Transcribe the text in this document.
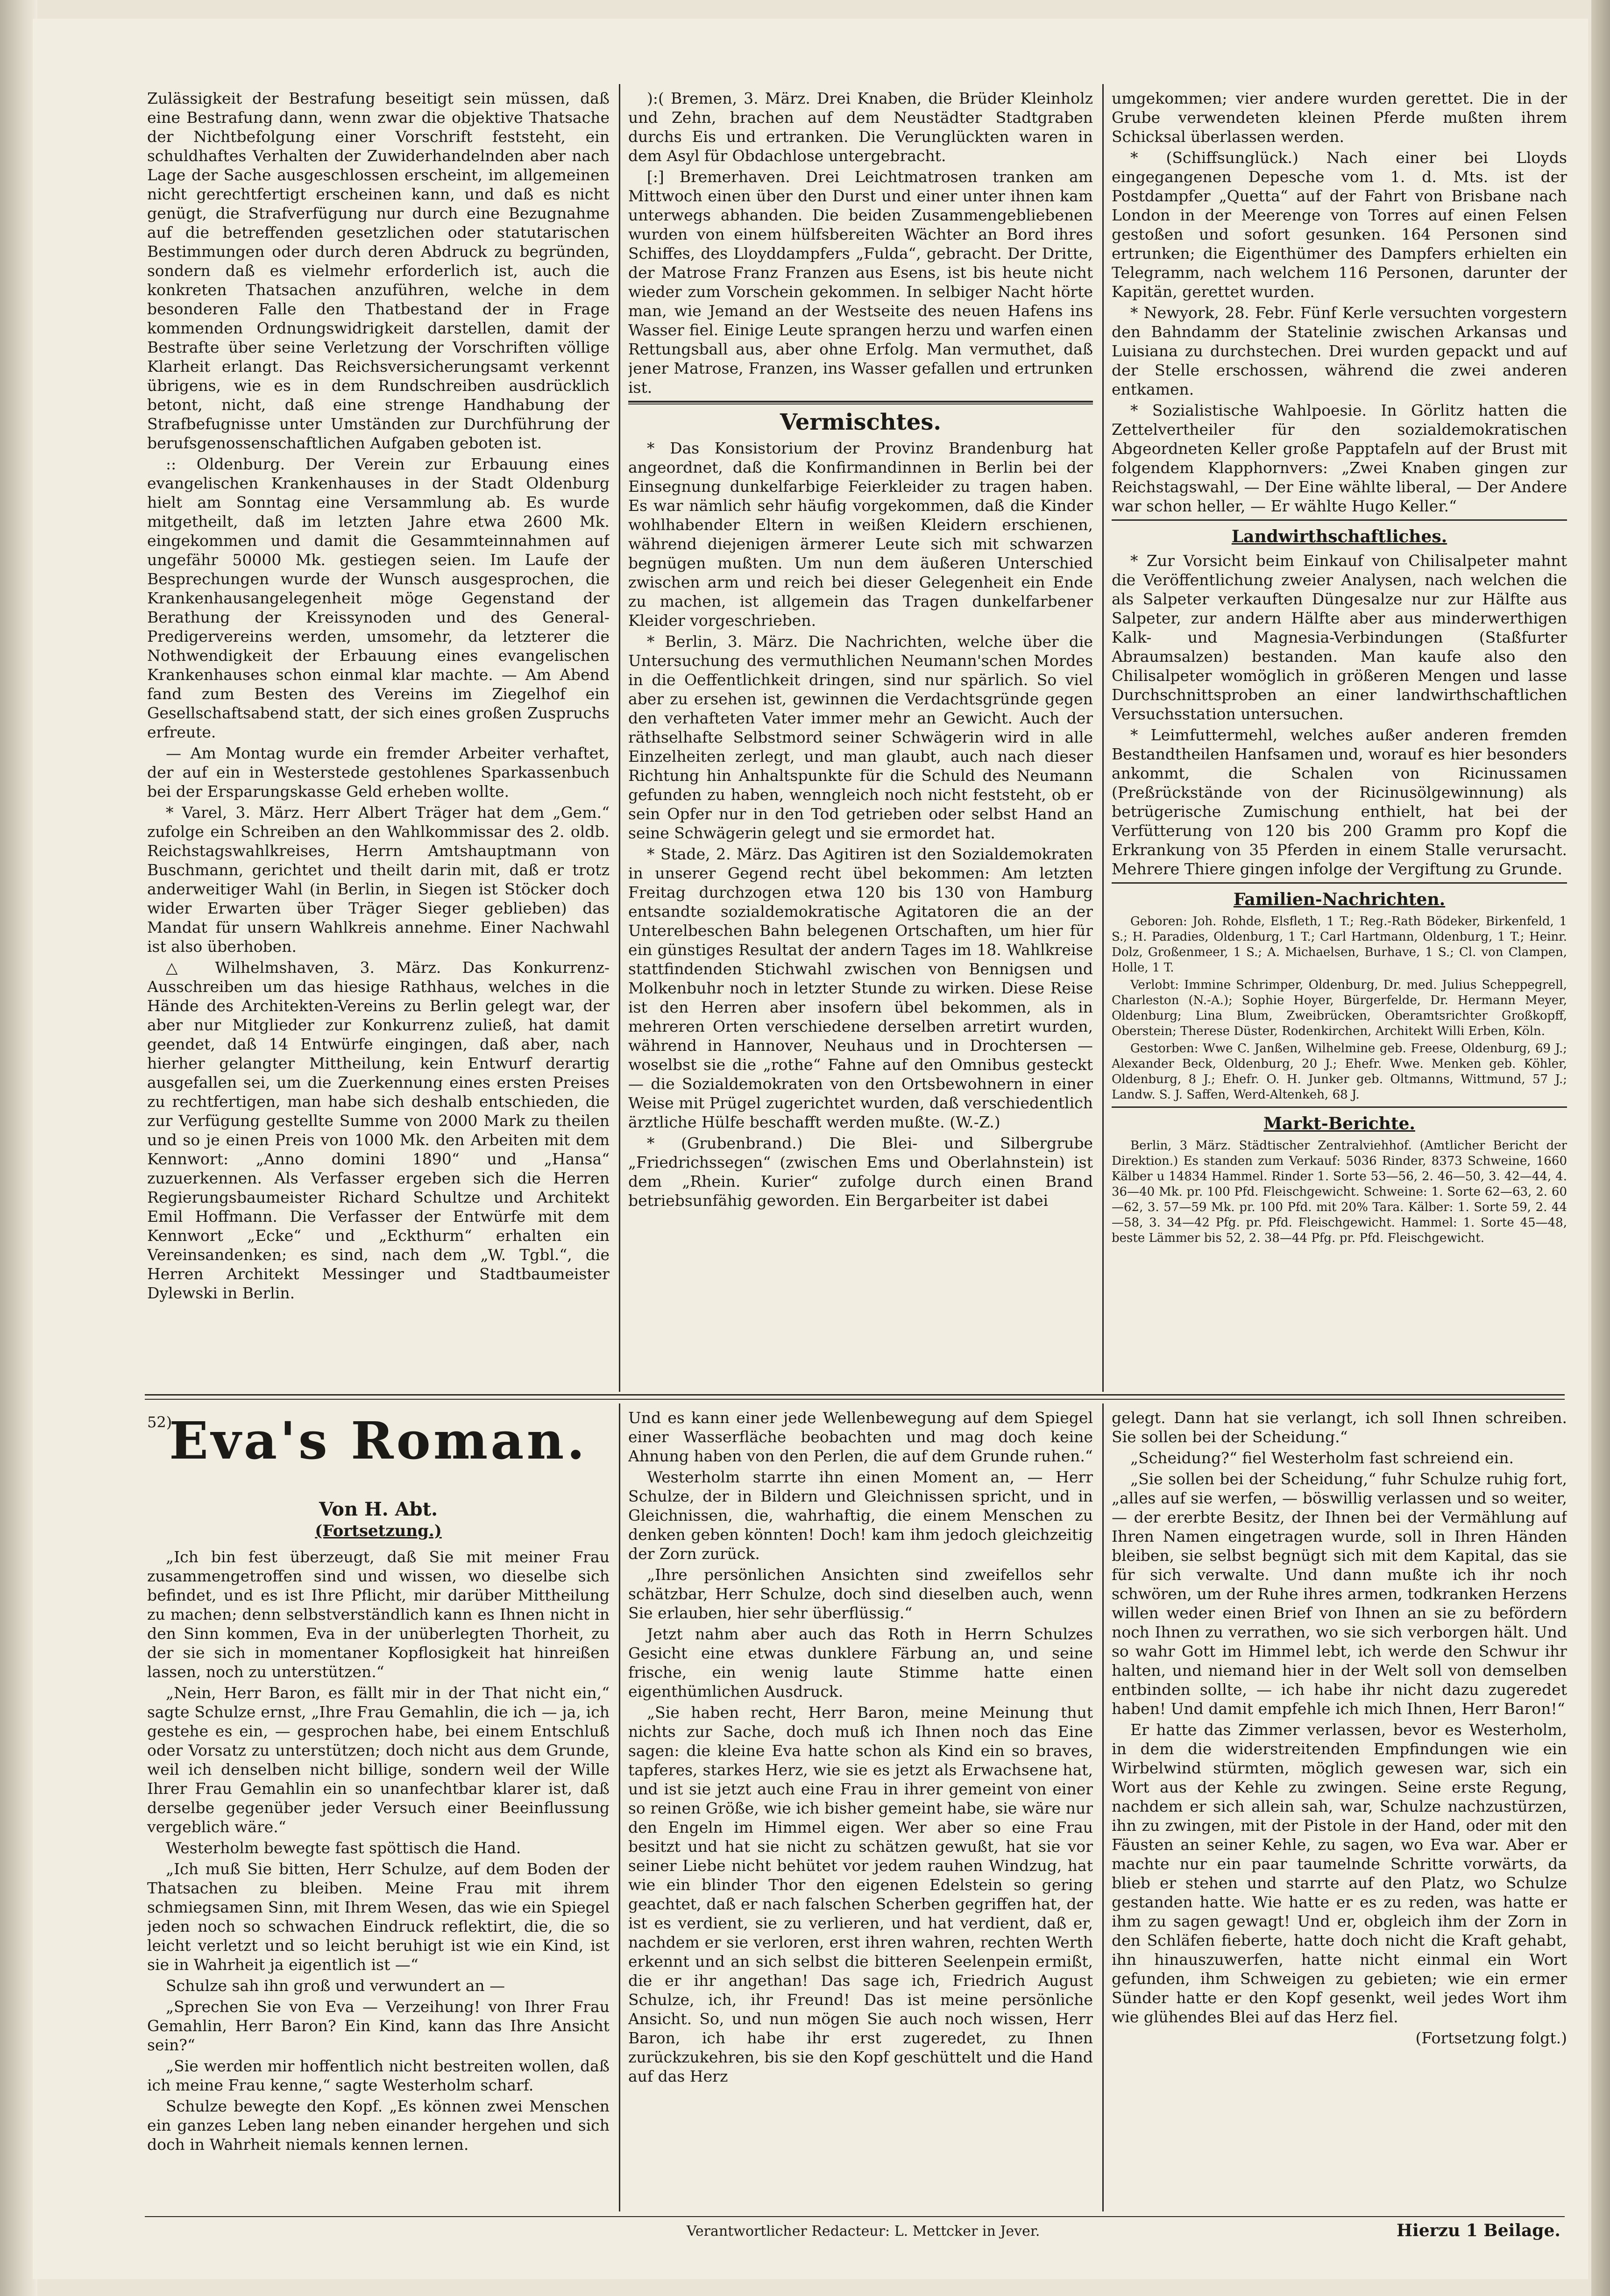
Zulässigkeit der Bestrafung beseitigt sein müssen, daß eine Bestrafung dann, wenn zwar die objektive Thatsache der Nichtbefolgung einer Vorschrift feststeht, ein schuldhaftes Verhalten der Zuwiderhandelnden aber nach Lage der Sache ausgeschlossen erscheint, im allgemeinen nicht gerechtfertigt erscheinen kann, und daß es nicht genügt, die Strafverfügung nur durch eine Bezugnahme auf die betreffenden gesetzlichen oder statutarischen Bestimmungen oder durch deren Abdruck zu begründen, sondern daß es vielmehr erforderlich ist, auch die konkreten Thatsachen anzuführen, welche in dem besonderen Falle den Thatbestand der in Frage kommenden Ordnungswidrigkeit darstellen, damit der Bestrafte über seine Verletzung der Vorschriften völlige Klarheit erlangt. Das Reichsversicherungsamt verkennt übrigens, wie es in dem Rundschreiben ausdrücklich betont, nicht, daß eine strenge Handhabung der Strafbefugnisse unter Umständen zur Durchführung der berufsgenossenschaftlichen Aufgaben geboten ist.

:: Oldenburg. Der Verein zur Erbauung eines evangelischen Krankenhauses in der Stadt Oldenburg hielt am Sonntag eine Versammlung ab. Es wurde mitgetheilt, daß im letzten Jahre etwa 2600 Mk. eingekommen und damit die Gesammteinnahmen auf ungefähr 50000 Mk. gestiegen seien. Im Laufe der Besprechungen wurde der Wunsch ausgesprochen, die Krankenhausangelegenheit möge Gegenstand der Berathung der Kreissynoden und des General-Predigervereins werden, umsomehr, da letzterer die Nothwendigkeit der Erbauung eines evangelischen Krankenhauses schon einmal klar machte. — Am Abend fand zum Besten des Vereins im Ziegelhof ein Gesellschaftsabend statt, der sich eines großen Zuspruchs erfreute.

— Am Montag wurde ein fremder Arbeiter verhaftet, der auf ein in Westerstede gestohlenes Sparkassenbuch bei der Ersparungskasse Geld erheben wollte.

* Varel, 3. März. Herr Albert Träger hat dem „Gem.“ zufolge ein Schreiben an den Wahlkommissar des 2. oldb. Reichstagswahlkreises, Herrn Amtshauptmann von Buschmann, gerichtet und theilt darin mit, daß er trotz anderweitiger Wahl (in Berlin, in Siegen ist Stöcker doch wider Erwarten über Träger Sieger geblieben) das Mandat für unsern Wahlkreis annehme. Einer Nachwahl ist also überhoben.

△ Wilhelmshaven, 3. März. Das Konkurrenz-Ausschreiben um das hiesige Rathhaus, welches in die Hände des Architekten-Vereins zu Berlin gelegt war, der aber nur Mitglieder zur Konkurrenz zuließ, hat damit geendet, daß 14 Entwürfe eingingen, daß aber, nach hierher gelangter Mittheilung, kein Entwurf derartig ausgefallen sei, um die Zuerkennung eines ersten Preises zu rechtfertigen, man habe sich deshalb entschieden, die zur Verfügung gestellte Summe von 2000 Mark zu theilen und so je einen Preis von 1000 Mk. den Arbeiten mit dem Kennwort: „Anno domini 1890“ und „Hansa“ zuzuerkennen. Als Verfasser ergeben sich die Herren Regierungsbaumeister Richard Schultze und Architekt Emil Hoffmann. Die Verfasser der Entwürfe mit dem Kennwort „Ecke“ und „Eckthurm“ erhalten ein Vereinsandenken; es sind, nach dem „W. Tgbl.“, die Herren Architekt Messinger und Stadtbaumeister Dylewski in Berlin.

):( Bremen, 3. März. Drei Knaben, die Brüder Kleinholz und Zehn, brachen auf dem Neustädter Stadtgraben durchs Eis und ertranken. Die Verunglückten waren in dem Asyl für Obdachlose untergebracht.

[:] Bremerhaven. Drei Leichtmatrosen tranken am Mittwoch einen über den Durst und einer unter ihnen kam unterwegs abhanden. Die beiden Zusammengebliebenen wurden von einem hülfsbereiten Wächter an Bord ihres Schiffes, des Lloyddampfers „Fulda“, gebracht. Der Dritte, der Matrose Franz Franzen aus Esens, ist bis heute nicht wieder zum Vorschein gekommen. In selbiger Nacht hörte man, wie Jemand an der Westseite des neuen Hafens ins Wasser fiel. Einige Leute sprangen herzu und warfen einen Rettungsball aus, aber ohne Erfolg. Man vermuthet, daß jener Matrose, Franzen, ins Wasser gefallen und ertrunken ist.

Vermischtes.

* Das Konsistorium der Provinz Brandenburg hat angeordnet, daß die Konfirmandinnen in Berlin bei der Einsegnung dunkelfarbige Feierkleider zu tragen haben. Es war nämlich sehr häufig vorgekommen, daß die Kinder wohlhabender Eltern in weißen Kleidern erschienen, während diejenigen ärmerer Leute sich mit schwarzen begnügen mußten. Um nun dem äußeren Unterschied zwischen arm und reich bei dieser Gelegenheit ein Ende zu machen, ist allgemein das Tragen dunkelfarbener Kleider vorgeschrieben.

* Berlin, 3. März. Die Nachrichten, welche über die Untersuchung des vermuthlichen Neumann'schen Mordes in die Oeffentlichkeit dringen, sind nur spärlich. So viel aber zu ersehen ist, gewinnen die Verdachtsgründe gegen den verhafteten Vater immer mehr an Gewicht. Auch der räthselhafte Selbstmord seiner Schwägerin wird in alle Einzelheiten zerlegt, und man glaubt, auch nach dieser Richtung hin Anhaltspunkte für die Schuld des Neumann gefunden zu haben, wenngleich noch nicht feststeht, ob er sein Opfer nur in den Tod getrieben oder selbst Hand an seine Schwägerin gelegt und sie ermordet hat.

* Stade, 2. März. Das Agitiren ist den Sozialdemokraten in unserer Gegend recht übel bekommen: Am letzten Freitag durchzogen etwa 120 bis 130 von Hamburg entsandte sozialdemokratische Agitatoren die an der Unterelbeschen Bahn belegenen Ortschaften, um hier für ein günstiges Resultat der andern Tages im 18. Wahlkreise stattfindenden Stichwahl zwischen von Bennigsen und Molkenbuhr noch in letzter Stunde zu wirken. Diese Reise ist den Herren aber insofern übel bekommen, als in mehreren Orten verschiedene derselben arretirt wurden, während in Hannover, Neuhaus und in Drochtersen — woselbst sie die „rothe“ Fahne auf den Omnibus gesteckt — die Sozialdemokraten von den Ortsbewohnern in einer Weise mit Prügel zugerichtet wurden, daß verschiedentlich ärztliche Hülfe beschafft werden mußte. (W.-Z.)

* (Grubenbrand.) Die Blei- und Silbergrube „Friedrichssegen“ (zwischen Ems und Oberlahnstein) ist dem „Rhein. Kurier“ zufolge durch einen Brand betriebsunfähig geworden. Ein Bergarbeiter ist dabei

umgekommen; vier andere wurden gerettet. Die in der Grube verwendeten kleinen Pferde mußten ihrem Schicksal überlassen werden.

* (Schiffsunglück.) Nach einer bei Lloyds eingegangenen Depesche vom 1. d. Mts. ist der Postdampfer „Quetta“ auf der Fahrt von Brisbane nach London in der Meerenge von Torres auf einen Felsen gestoßen und sofort gesunken. 164 Personen sind ertrunken; die Eigenthümer des Dampfers erhielten ein Telegramm, nach welchem 116 Personen, darunter der Kapitän, gerettet wurden.

* Newyork, 28. Febr. Fünf Kerle versuchten vorgestern den Bahndamm der Statelinie zwischen Arkansas und Luisiana zu durchstechen. Drei wurden gepackt und auf der Stelle erschossen, während die zwei anderen entkamen.

* Sozialistische Wahlpoesie. In Görlitz hatten die Zettelvertheiler für den sozialdemokratischen Abgeordneten Keller große Papptafeln auf der Brust mit folgendem Klapphornvers: „Zwei Knaben gingen zur Reichstagswahl, — Der Eine wählte liberal, — Der Andere war schon heller, — Er wählte Hugo Keller.“

Landwirthschaftliches.

* Zur Vorsicht beim Einkauf von Chilisalpeter mahnt die Veröffentlichung zweier Analysen, nach welchen die als Salpeter verkauften Düngesalze nur zur Hälfte aus Salpeter, zur andern Hälfte aber aus minderwerthigen Kalk- und Magnesia-Verbindungen (Staßfurter Abraumsalzen) bestanden. Man kaufe also den Chilisalpeter womöglich in größeren Mengen und lasse Durchschnittsproben an einer landwirthschaftlichen Versuchsstation untersuchen.

* Leimfuttermehl, welches außer anderen fremden Bestandtheilen Hanfsamen und, worauf es hier besonders ankommt, die Schalen von Ricinussamen (Preßrückstände von der Ricinusölgewinnung) als betrügerische Zumischung enthielt, hat bei der Verfütterung von 120 bis 200 Gramm pro Kopf die Erkrankung von 35 Pferden in einem Stalle verursacht. Mehrere Thiere gingen infolge der Vergiftung zu Grunde.

Familien-Nachrichten.

Geboren: Joh. Rohde, Elsfleth, 1 T.; Reg.-Rath Bödeker, Birkenfeld, 1 S.; H. Paradies, Oldenburg, 1 T.; Carl Hartmann, Oldenburg, 1 T.; Heinr. Dolz, Großenmeer, 1 S.; A. Michaelsen, Burhave, 1 S.; Cl. von Clampen, Holle, 1 T.

Verlobt: Immine Schrimper, Oldenburg, Dr. med. Julius Scheppegrell, Charleston (N.-A.); Sophie Hoyer, Bürgerfelde, Dr. Hermann Meyer, Oldenburg; Lina Blum, Zweibrücken, Oberamtsrichter Großkopff, Oberstein; Therese Düster, Rodenkirchen, Architekt Willi Erben, Köln.

Gestorben: Wwe C. Janßen, Wilhelmine geb. Freese, Oldenburg, 69 J.; Alexander Beck, Oldenburg, 20 J.; Ehefr. Wwe. Menken geb. Köhler, Oldenburg, 8 J.; Ehefr. O. H. Junker geb. Oltmanns, Wittmund, 57 J.; Landw. S. J. Saffen, Werd-Altenkeh, 68 J.

Markt-Berichte.

Berlin, 3 März. Städtischer Zentralviehhof. (Amtlicher Bericht der Direktion.) Es standen zum Verkauf: 5036 Rinder, 8373 Schweine, 1660 Kälber u 14834 Hammel. Rinder 1. Sorte 53—56, 2. 46—50, 3. 42—44, 4. 36—40 Mk. pr. 100 Pfd. Fleischgewicht. Schweine: 1. Sorte 62—63, 2. 60—62, 3. 57—59 Mk. pr. 100 Pfd. mit 20% Tara. Kälber: 1. Sorte 59, 2. 44—58, 3. 34—42 Pfg. pr. Pfd. Fleischgewicht. Hammel: 1. Sorte 45—48, beste Lämmer bis 52, 2. 38—44 Pfg. pr. Pfd. Fleischgewicht.

52)
Eva's Roman.
Von H. Abt.
(Fortsetzung.)

„Ich bin fest überzeugt, daß Sie mit meiner Frau zusammengetroffen sind und wissen, wo dieselbe sich befindet, und es ist Ihre Pflicht, mir darüber Mittheilung zu machen; denn selbstverständlich kann es Ihnen nicht in den Sinn kommen, Eva in der unüberlegten Thorheit, zu der sie sich in momentaner Kopflosigkeit hat hinreißen lassen, noch zu unterstützen.“

„Nein, Herr Baron, es fällt mir in der That nicht ein,“ sagte Schulze ernst, „Ihre Frau Gemahlin, die ich — ja, ich gestehe es ein, — gesprochen habe, bei einem Entschluß oder Vorsatz zu unterstützen; doch nicht aus dem Grunde, weil ich denselben nicht billige, sondern weil der Wille Ihrer Frau Gemahlin ein so unanfechtbar klarer ist, daß derselbe gegenüber jeder Versuch einer Beeinflussung vergeblich wäre.“

Westerholm bewegte fast spöttisch die Hand.

„Ich muß Sie bitten, Herr Schulze, auf dem Boden der Thatsachen zu bleiben. Meine Frau mit ihrem schmiegsamen Sinn, mit Ihrem Wesen, das wie ein Spiegel jeden noch so schwachen Eindruck reflektirt, die, die so leicht verletzt und so leicht beruhigt ist wie ein Kind, ist sie in Wahrheit ja eigentlich ist —“

Schulze sah ihn groß und verwundert an —

„Sprechen Sie von Eva — Verzeihung! von Ihrer Frau Gemahlin, Herr Baron? Ein Kind, kann das Ihre Ansicht sein?“

„Sie werden mir hoffentlich nicht bestreiten wollen, daß ich meine Frau kenne,“ sagte Westerholm scharf.

Schulze bewegte den Kopf. „Es können zwei Menschen ein ganzes Leben lang neben einander hergehen und sich doch in Wahrheit niemals kennen lernen.

Und es kann einer jede Wellenbewegung auf dem Spiegel einer Wasserfläche beobachten und mag doch keine Ahnung haben von den Perlen, die auf dem Grunde ruhen.“

Westerholm starrte ihn einen Moment an, — Herr Schulze, der in Bildern und Gleichnissen spricht, und in Gleichnissen, die, wahrhaftig, die einem Menschen zu denken geben könnten! Doch! kam ihm jedoch gleichzeitig der Zorn zurück.

„Ihre persönlichen Ansichten sind zweifellos sehr schätzbar, Herr Schulze, doch sind dieselben auch, wenn Sie erlauben, hier sehr überflüssig.“

Jetzt nahm aber auch das Roth in Herrn Schulzes Gesicht eine etwas dunklere Färbung an, und seine frische, ein wenig laute Stimme hatte einen eigenthümlichen Ausdruck.

„Sie haben recht, Herr Baron, meine Meinung thut nichts zur Sache, doch muß ich Ihnen noch das Eine sagen: die kleine Eva hatte schon als Kind ein so braves, tapferes, starkes Herz, wie sie es jetzt als Erwachsene hat, und ist sie jetzt auch eine Frau in ihrer gemeint von einer so reinen Größe, wie ich bisher gemeint habe, sie wäre nur den Engeln im Himmel eigen. Wer aber so eine Frau besitzt und hat sie nicht zu schätzen gewußt, hat sie vor seiner Liebe nicht behütet vor jedem rauhen Windzug, hat wie ein blinder Thor den eigenen Edelstein so gering geachtet, daß er nach falschen Scherben gegriffen hat, der ist es verdient, sie zu verlieren, und hat verdient, daß er, nachdem er sie verloren, erst ihren wahren, rechten Werth erkennt und an sich selbst die bitteren Seelenpein ermißt, die er ihr angethan! Das sage ich, Friedrich August Schulze, ich, ihr Freund! Das ist meine persönliche Ansicht. So, und nun mögen Sie auch noch wissen, Herr Baron, ich habe ihr erst zugeredet, zu Ihnen zurückzukehren, bis sie den Kopf geschüttelt und die Hand auf das Herz

gelegt. Dann hat sie verlangt, ich soll Ihnen schreiben. Sie sollen bei der Scheidung.“

„Scheidung?“ fiel Westerholm fast schreiend ein.

„Sie sollen bei der Scheidung,“ fuhr Schulze ruhig fort, „alles auf sie werfen, — böswillig verlassen und so weiter, — der ererbte Besitz, der Ihnen bei der Vermählung auf Ihren Namen eingetragen wurde, soll in Ihren Händen bleiben, sie selbst begnügt sich mit dem Kapital, das sie für sich verwalte. Und dann mußte ich ihr noch schwören, um der Ruhe ihres armen, todkranken Herzens willen weder einen Brief von Ihnen an sie zu befördern noch Ihnen zu verrathen, wo sie sich verborgen hält. Und so wahr Gott im Himmel lebt, ich werde den Schwur ihr halten, und niemand hier in der Welt soll von demselben entbinden sollte, — ich habe ihr nicht dazu zugeredet haben! Und damit empfehle ich mich Ihnen, Herr Baron!“

Er hatte das Zimmer verlassen, bevor es Westerholm, in dem die widerstreitenden Empfindungen wie ein Wirbelwind stürmten, möglich gewesen war, sich ein Wort aus der Kehle zu zwingen. Seine erste Regung, nachdem er sich allein sah, war, Schulze nachzustürzen, ihn zu zwingen, mit der Pistole in der Hand, oder mit den Fäusten an seiner Kehle, zu sagen, wo Eva war. Aber er machte nur ein paar taumelnde Schritte vorwärts, da blieb er stehen und starrte auf den Platz, wo Schulze gestanden hatte. Wie hatte er es zu reden, was hatte er ihm zu sagen gewagt! Und er, obgleich ihm der Zorn in den Schläfen fieberte, hatte doch nicht die Kraft gehabt, ihn hinauszuwerfen, hatte nicht einmal ein Wort gefunden, ihm Schweigen zu gebieten; wie ein ermer Sünder hatte er den Kopf gesenkt, weil jedes Wort ihm wie glühendes Blei auf das Herz fiel.

(Fortsetzung folgt.)

Verantwortlicher Redacteur: L. Mettcker in Jever.	Hierzu 1 Beilage.
